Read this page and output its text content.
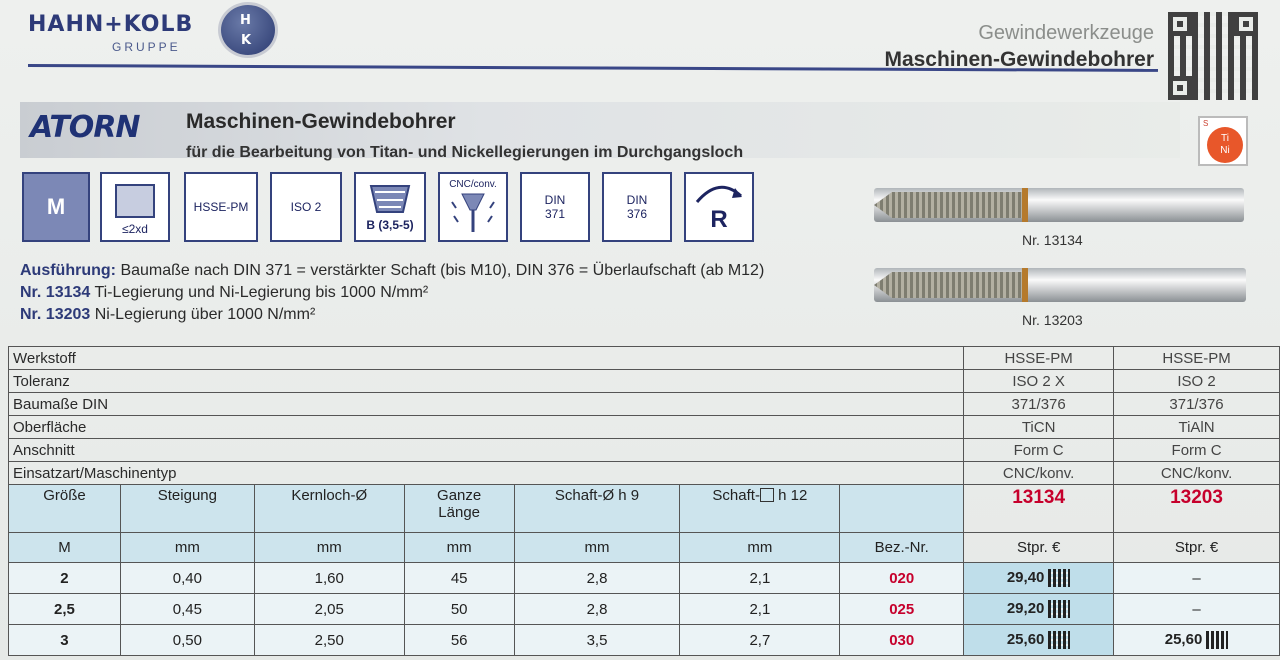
HAHN+KOLB
GRUPPE
H
K	Gewindewerkzeuge
Maschinen-Gewindebohrer
ATORN Maschinen-Gewindebohrer
für die Bearbeitung von Titan- und Nickellegierungen im Durchgangsloch
S
Ti
Ni
M
≤2xd
HSSE-PM	ISO 2
B (3,5-5)
CNC/conv.
DIN 371
DIN 376	R
Nr. 13134
Nr. 13203
Ausführung: Baumaße nach DIN 371 = verstärkter Schaft (bis M10), DIN 376 = Überlaufschaft (ab M12)
Nr. 13134 Ti-Legierung und Ni-Legierung bis 1000 N/mm²
Nr. 13203 Ni-Legierung über 1000 N/mm²
Werkstoff							HSSE-PM	HSSE-PM
Toleranz							ISO 2 X	ISO 2
Baumaße DIN							371/376	371/376
Oberfläche							TiCN	TiAlN
Anschnitt							Form C	Form C
Einsatzart/Maschinentyp							CNC/konv.	CNC/konv.
Größe	Steigung	Kernloch-Ø	Ganze
Länge	Schaft-Ø h 9	Schaft- h 12		13134	13203
M	mm	mm	mm	mm	mm	Bez.-Nr.	Stpr. €	Stpr. €
2	0,40	1,60	45	2,8	2,1	020	29,40	–
2,5	0,45	2,05	50	2,8	2,1	025	29,20	–
3	0,50	2,50	56	3,5	2,7	030	25,60	25,60
